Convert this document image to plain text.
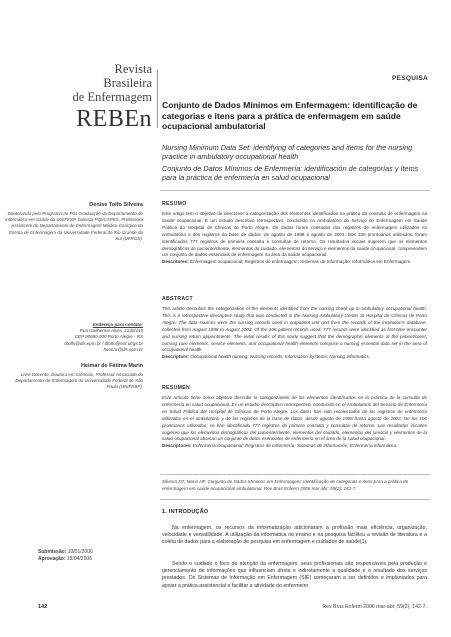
Revista
Brasileira
de Enfermagem
REBEn
PESQUISA
Conjunto de Dados Mínimos em Enfermagem: identificação de categorias e itens para a prática de enfermagem em saúde ocupacional ambulatorial
Nursing Minimum Data Set: identifying of categories and items for the nursing practice in ambulatory occupational health
Conjunto de Datos Mínimos de Enfermería: identificación de categorías y ítems para la práctica de enfermería en salud ocupacional
RESUMO
Este artigo tem o objetivo de descrever a categorização dos elementos identificados na prática da consulta de enfermagem na saúde ocupacional. É um estudo descritivo retrospectivo, conduzido no Ambulatório do Serviço de Enfermagem em Saúde Pública do Hospital de Clínicas de Porto Alegre. Os dados foram coletados dos registros de enfermagem utilizados no ambulatório e dos registros da base de dados, de agosto de 1998 a agosto de 2003. Dos 106 prontuários utilizados, foram identificados 777 registros de primeira consulta e consultas de retorno. Os resultados iniciais sugerem que os elementos demográficos do paciente/cliente, elementos do cuidado, elementos do serviço e elementos da saúde ocupacional, compreendem um conjunto de dados essenciais de enfermagem na área da saúde ocupacional.
Descritores: Enfermagem ocupacional; Registros de enfermagem; Sistemas de Informação; Informática em Enfermagem.
ABSTRACT
This article describes the categorization of the elements identified from the nursing check-up in ambulatory occupational health. This is a retrospective descriptive study that was conducted in the Nursing Ambulatory Center at Hospital de Clínicas de Porto Alegre. The data sources were the nursing records used in outpatient unit and from the records of the institution's database, collected from August 1998 to August 2003. Of the 106 patient records used, 777 records were identified as first-time encounter and nursing return appointments. The initial results of this study suggest that the demographic elements of the patient/client, nursing care elements, service elements, and occupational health elements comprise a nursing essential data set in the area of occupational health.
Descriptors: Occupational health nursing; Nursing records; Information Systems; Nursing Informatics.
RESUMEN
Este artículo tiene como objetivo describir la categorización de los elementos identificados en la práctica de la consulta de enfermería en salud ocupacional. Es un estudio descriptivo retrospectivo, conducido en el Ambulatorio del Servicio de Enfermería en Salud Pública del Hospital de Clínicas de Porto Alegre. Los datos han sido recolectados de los registros de enfermería utilizados en el ambulatorio y de los registros de la base de datos, desde agosto de 1998 hasta agosto de 2003. De los 106 prontuarios utilizados, se han identificado 777 registros de primera consulta y consultas de retorno. Los resultados iniciales sugieren que los elementos demográficos del paciente/cliente, elementos del cuidado, elementos del servicio y elementos de la salud ocupacional abarcan un conjunto de datos esenciales de enfermería en el área de la salud ocupacional.
Descriptores: Enfermería Ocupacional; Registros de enfermería; Sistemas de Información; Enfermería informática.
Silveira DT, Marin HF. Conjunto de Dados Mínimos em Enfermagem: identificação de categorias e itens para a prática de enfermagem em saúde ocupacional ambulatorial. Rev Bras Enferm 2006 mar-abr; 59(2): 142-7.
Denise Tolfo Silveira
Doutoranda pelo Programa de Pós Graduação do Departamento de Informática em Saúde da UNIFESP, bolsista PQI/CAPES, Professora Assistente do Departamento de Enfermagem Médico-Cirúrgico da Escola de Enfermagem da Universidade Federal do Rio Grande do Sul (UFRGS).
Endereço para contato:
Rua Guilherme Alves, 1130/419
CEP 90680-000 Porto Alegre - RS
dtolfo@dis.epm.br / dtolfo@enf.ufrgs.br
heimar@dis.epm.br
Heimar de Fátima Marin
Livre Docente, Doutora em Ciências, Professor Associado do Departamento de Enfermagem da Universidade Federal de São Paulo (UNIFESP).
1. INTRODUÇÃO
Na enfermagem, os recursos da informatização adicionaram à profissão mais eficiência, organização, velocidade e versatilidade. A utilização da informática no ensino e na pesquisa facilitou a revisão de literatura e a coleta de dados para a elaboração de pesquisa em enfermagem e cuidados de saúde(1).
Sendo o cuidado o foco de atenção da enfermagem, seus profissionais são responsáveis pela produção e gerenciamento de informações que influenciam direta e indiretamente a qualidade e o resultado dos serviços prestados. Os Sistemas de Informação em Enfermagem (SIE) começaram a ser definidos e implantados para apoiar a prática assistencial e facilitar a atividade do enfermeiro
Submissão: 10/01/2006
Aprovação: 18/04/2006
142	Rev Bras Enferm 2006 mar-abr; 59(2): 142-7.
